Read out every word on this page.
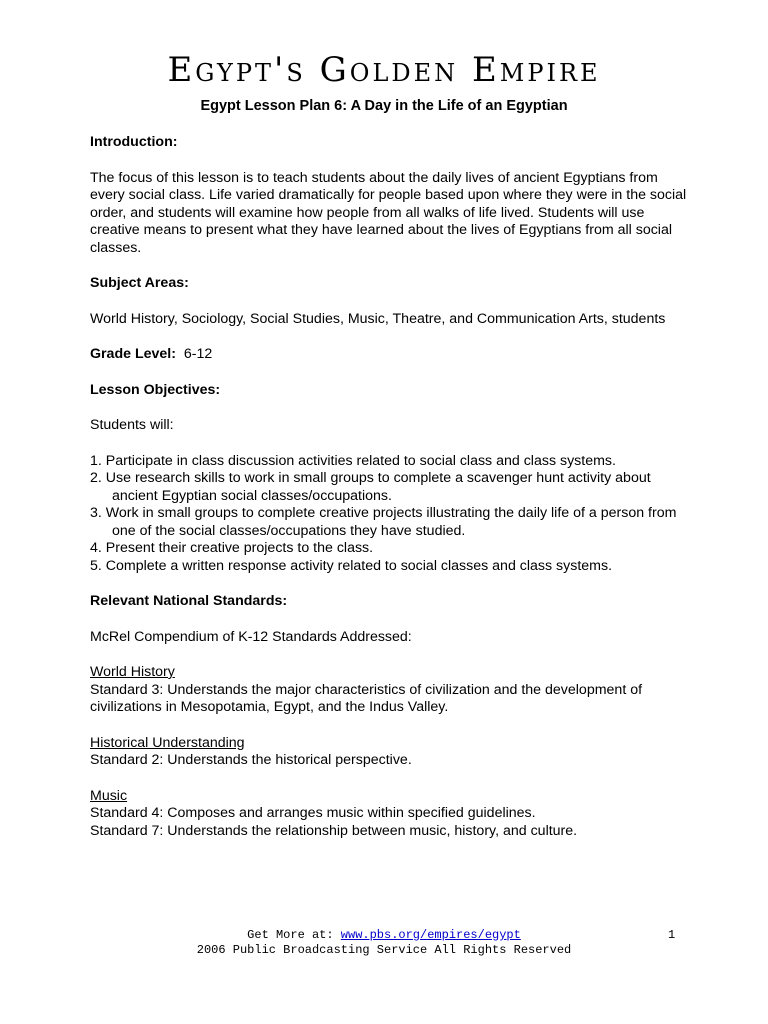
Egypt's Golden Empire
Egypt Lesson Plan 6: A Day in the Life of an Egyptian
Introduction:
The focus of this lesson is to teach students about the daily lives of ancient Egyptians from every social class. Life varied dramatically for people based upon where they were in the social order, and students will examine how people from all walks of life lived. Students will use creative means to present what they have learned about the lives of Egyptians from all social classes.
Subject Areas:
World History, Sociology, Social Studies, Music, Theatre, and Communication Arts, students
Grade Level: 6-12
Lesson Objectives:
Students will:
1. Participate in class discussion activities related to social class and class systems.
2. Use research skills to work in small groups to complete a scavenger hunt activity about ancient Egyptian social classes/occupations.
3. Work in small groups to complete creative projects illustrating the daily life of a person from one of the social classes/occupations they have studied.
4. Present their creative projects to the class.
5. Complete a written response activity related to social classes and class systems.
Relevant National Standards:
McRel Compendium of K-12 Standards Addressed:
World History
Standard 3: Understands the major characteristics of civilization and the development of civilizations in Mesopotamia, Egypt, and the Indus Valley.
Historical Understanding
Standard 2: Understands the historical perspective.
Music
Standard 4: Composes and arranges music within specified guidelines.
Standard 7: Understands the relationship between music, history, and culture.
Get More at: www.pbs.org/empires/egypt
2006 Public Broadcasting Service All Rights Reserved
1
